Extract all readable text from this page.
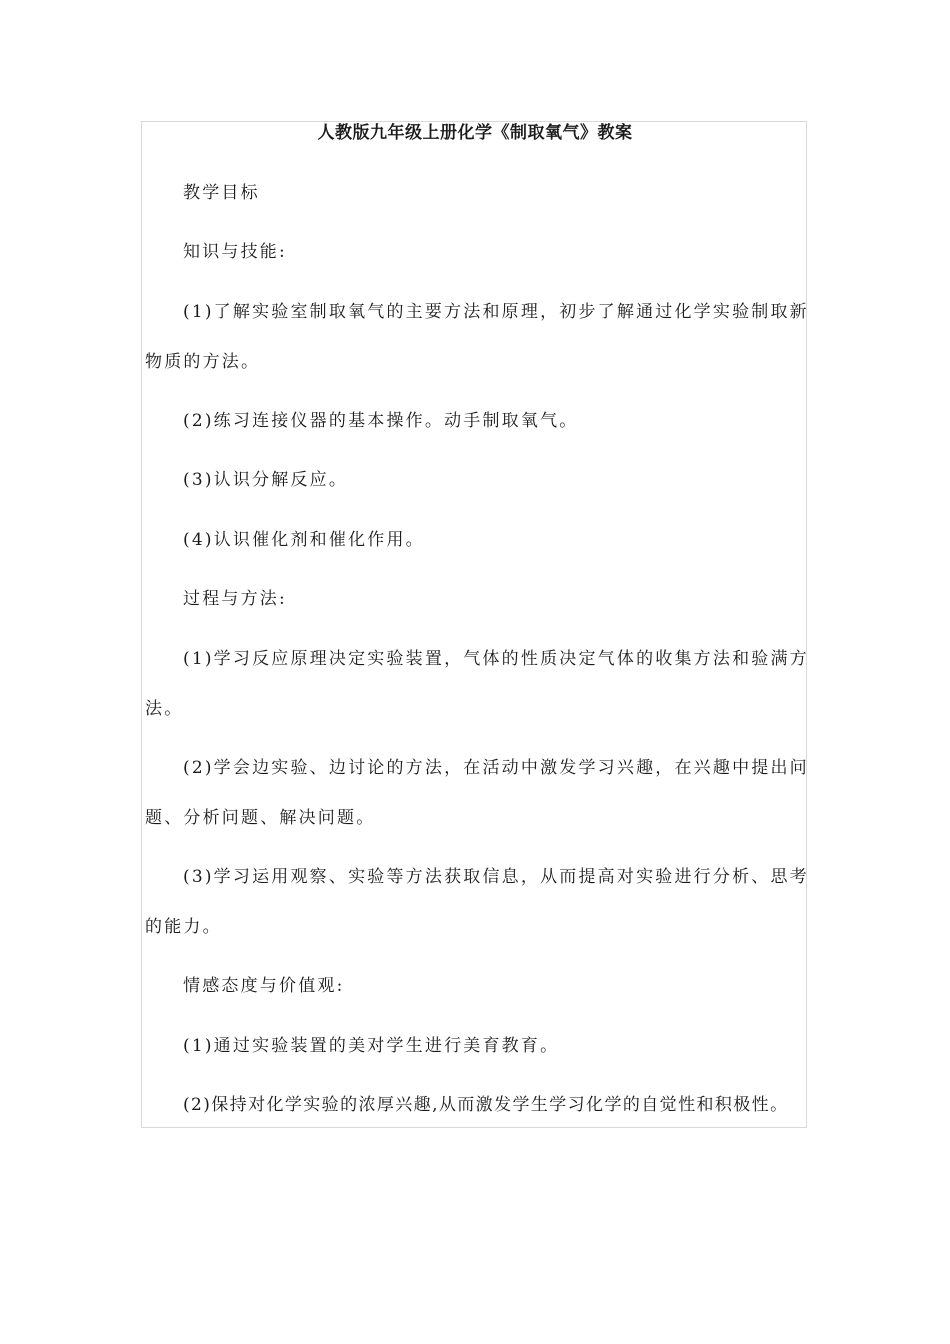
人教版九年级上册化学《制取氧气》教案
教学目标
知识与技能:
(1)了解实验室制取氧气的主要方法和原理，初步了解通过化学实验制取新
物质的方法。
(2)练习连接仪器的基本操作。动手制取氧气。
(3)认识分解反应。
(4)认识催化剂和催化作用。
过程与方法:
(1)学习反应原理决定实验装置，气体的性质决定气体的收集方法和验满方
法。
(2)学会边实验、边讨论的方法，在活动中激发学习兴趣，在兴趣中提出问
题、分析问题、解决问题。
(3)学习运用观察、实验等方法获取信息，从而提高对实验进行分析、思考
的能力。
情感态度与价值观:
(1)通过实验装置的美对学生进行美育教育。
(2)保持对化学实验的浓厚兴趣,从而激发学生学习化学的自觉性和积极性。
